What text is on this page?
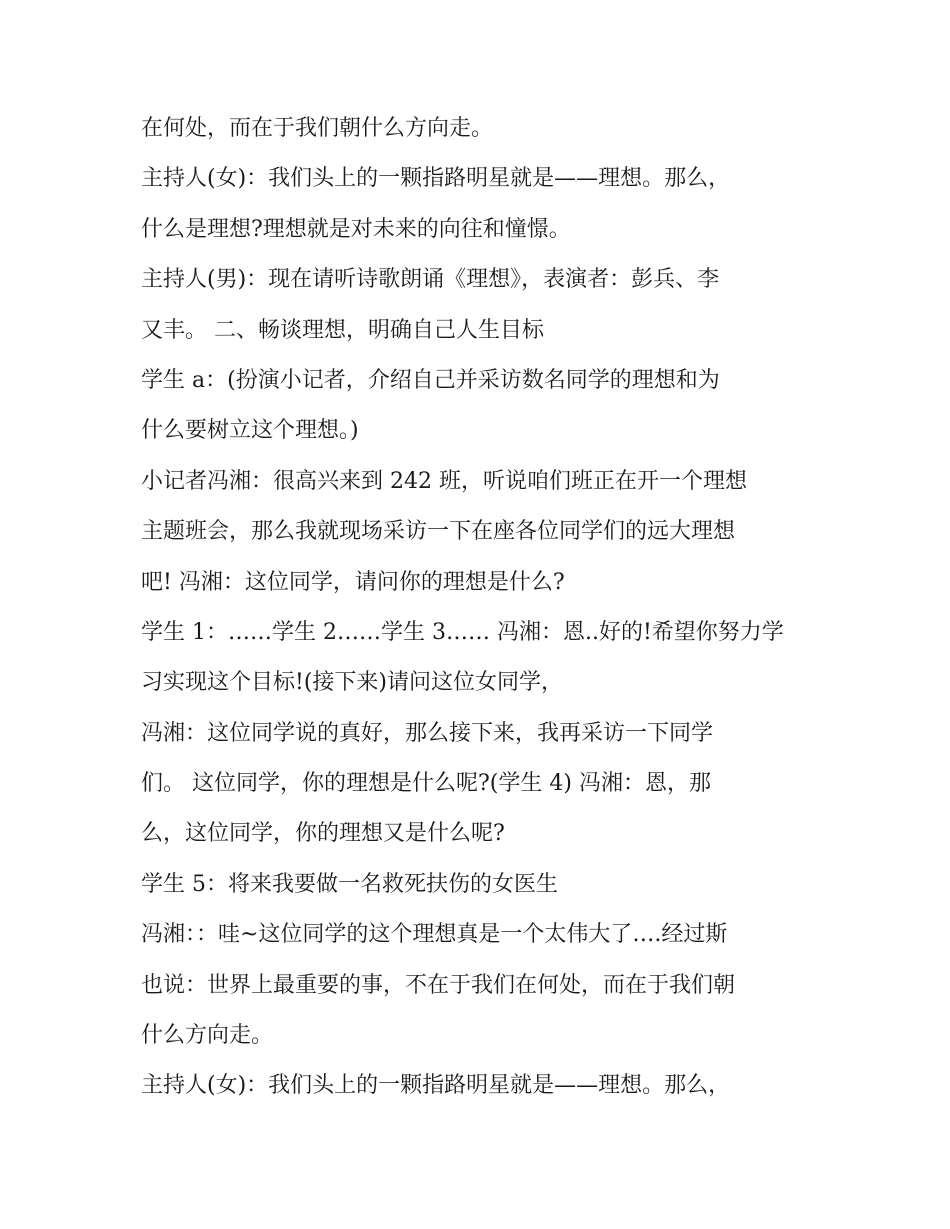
在何处，而在于我们朝什么方向走。
主持人(女)：我们头上的一颗指路明星就是——理想。那么，
什么是理想?理想就是对未来的向往和憧憬。
主持人(男)：现在请听诗歌朗诵《理想》，表演者：彭兵、李
又丰。 二、畅谈理想，明确自己人生目标
学生 a：(扮演小记者，介绍自己并采访数名同学的理想和为
什么要树立这个理想。)
小记者冯湘：很高兴来到 242 班，听说咱们班正在开一个理想
主题班会，那么我就现场采访一下在座各位同学们的远大理想
吧! 冯湘：这位同学，请问你的理想是什么?
学生 1：……学生 2……学生 3…… 冯湘：恩..好的!希望你努力学
习实现这个目标!(接下来)请问这位女同学，
冯湘：这位同学说的真好，那么接下来，我再采访一下同学
们。 这位同学，你的理想是什么呢?(学生 4) 冯湘：恩，那
么，这位同学，你的理想又是什么呢?
学生 5：将来我要做一名救死扶伤的女医生
冯湘：：哇~这位同学的这个理想真是一个太伟大了….经过斯
也说：世界上最重要的事，不在于我们在何处，而在于我们朝
什么方向走。
主持人(女)：我们头上的一颗指路明星就是——理想。那么，
